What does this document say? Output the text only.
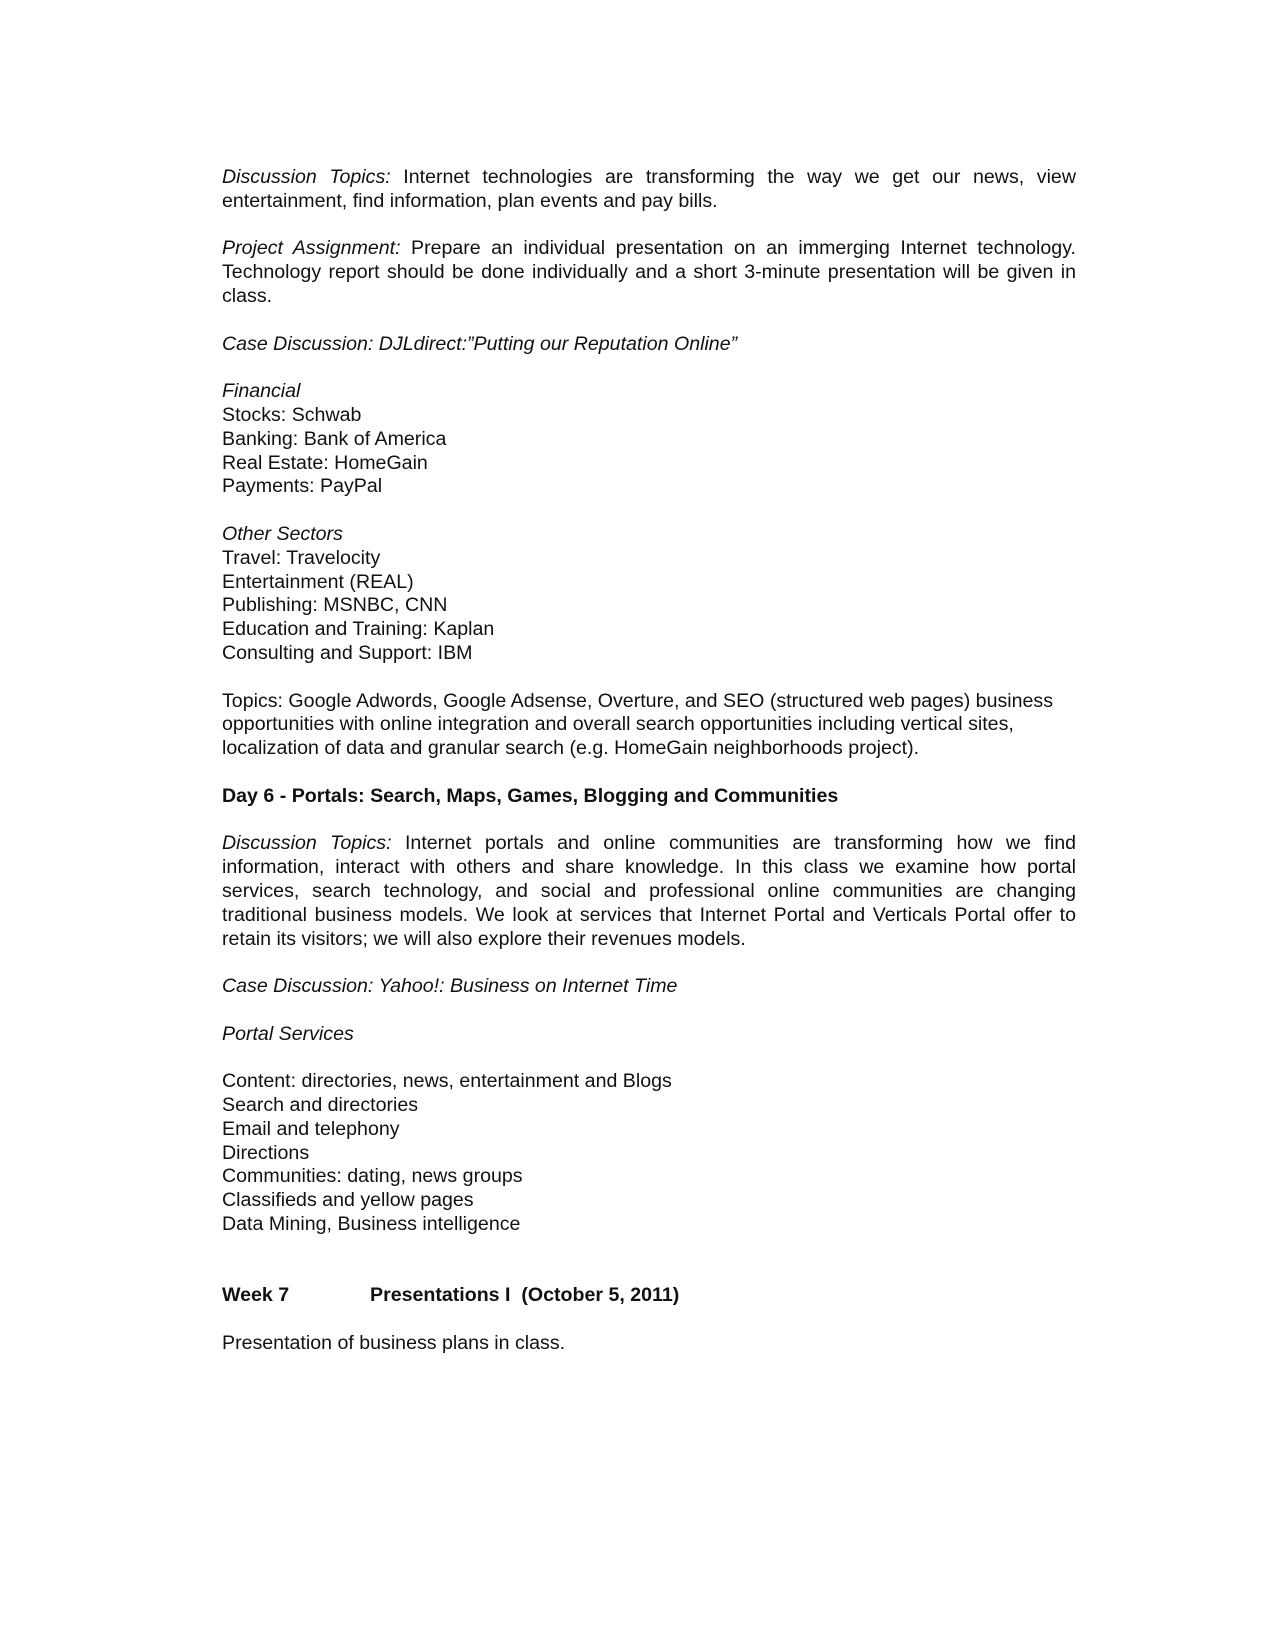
Discussion Topics: Internet technologies are transforming the way we get our news, view entertainment, find information, plan events and pay bills.

Project Assignment: Prepare an individual presentation on an immerging Internet technology. Technology report should be done individually and a short 3-minute presentation will be given in class.

Case Discussion: DJLdirect:”Putting our Reputation Online”

Financial
Stocks: Schwab
Banking: Bank of America
Real Estate: HomeGain
Payments: PayPal

Other Sectors
Travel: Travelocity
Entertainment (REAL)
Publishing: MSNBC, CNN
Education and Training: Kaplan
Consulting and Support: IBM

Topics: Google Adwords, Google Adsense, Overture, and SEO (structured web pages) business opportunities with online integration and overall search opportunities including vertical sites, localization of data and granular search (e.g. HomeGain neighborhoods project).

Day 6 - Portals: Search, Maps, Games, Blogging and Communities

Discussion Topics: Internet portals and online communities are transforming how we find information, interact with others and share knowledge. In this class we examine how portal services, search technology, and social and professional online communities are changing traditional business models. We look at services that Internet Portal and Verticals Portal offer to retain its visitors; we will also explore their revenues models.

Case Discussion: Yahoo!: Business on Internet Time

Portal Services

Content: directories, news, entertainment and Blogs
Search and directories
Email and telephony
Directions
Communities: dating, news groups
Classifieds and yellow pages
Data Mining, Business intelligence

Week 7	Presentations I  (October 5, 2011)

Presentation of business plans in class.
